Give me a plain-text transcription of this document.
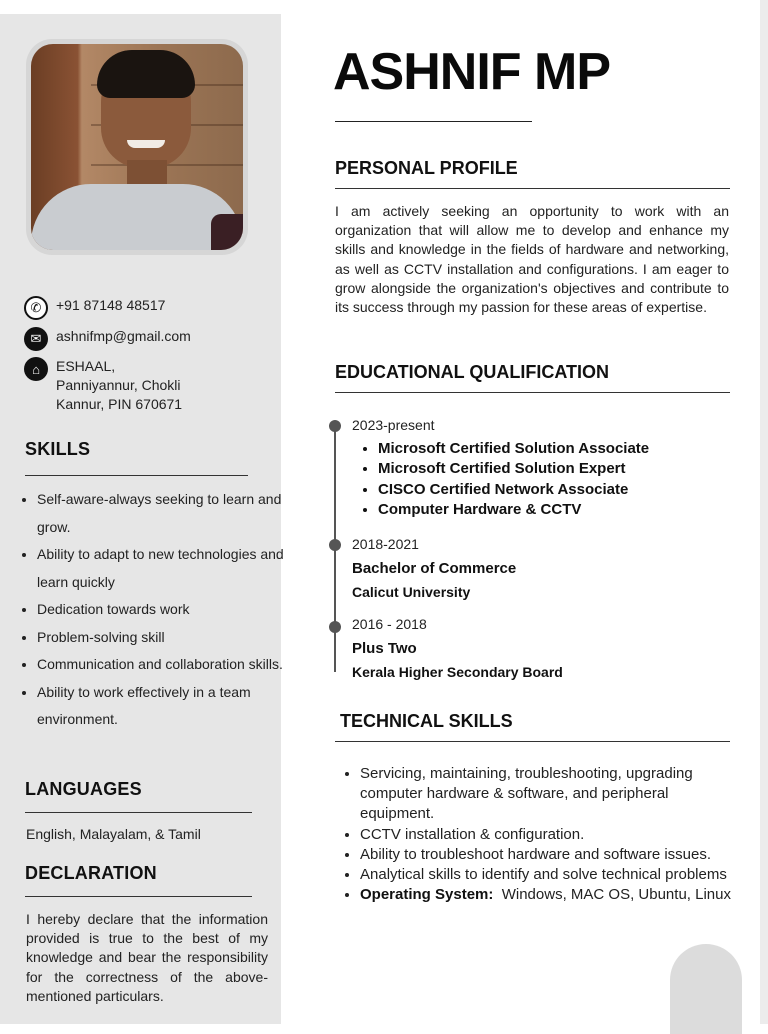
✆	+91 87148 48517
✉	ashnifmp@gmail.com
⌂	ESHAAL,
Panniyannur, Chokli
Kannur, PIN 670671
SKILLS
• Self-aware-always seeking to learn and grow.
• Ability to adapt to new technologies and learn quickly
• Dedication towards work
• Problem-solving skill
• Communication and collaboration skills.
• Ability to work effectively in a team environment.
LANGUAGES
English, Malayalam, & Tamil
DECLARATION
I hereby declare that the information provided is true to the best of my knowledge and bear the responsibility for the correctness of the above-mentioned particulars.
ASHNIF MP
PERSONAL PROFILE
I am actively seeking an opportunity to work with an organization that will allow me to develop and enhance my skills and knowledge in the fields of hardware and networking, as well as CCTV installation and configurations. I am eager to grow alongside the organization's objectives and contribute to its success through my passion for these areas of expertise.
EDUCATIONAL QUALIFICATION
2023-present
• Microsoft Certified Solution Associate
• Microsoft Certified Solution Expert
• CISCO Certified Network Associate
• Computer Hardware & CCTV
2018-2021
Bachelor of Commerce
Calicut University
2016 - 2018
Plus Two
Kerala Higher Secondary Board
TECHNICAL SKILLS
• Servicing, maintaining, troubleshooting, upgrading computer hardware & software, and peripheral equipment.
• CCTV installation & configuration.
• Ability to troubleshoot hardware and software issues.
• Analytical skills to identify and solve technical problems
• Operating System: Windows, MAC OS, Ubuntu, Linux
